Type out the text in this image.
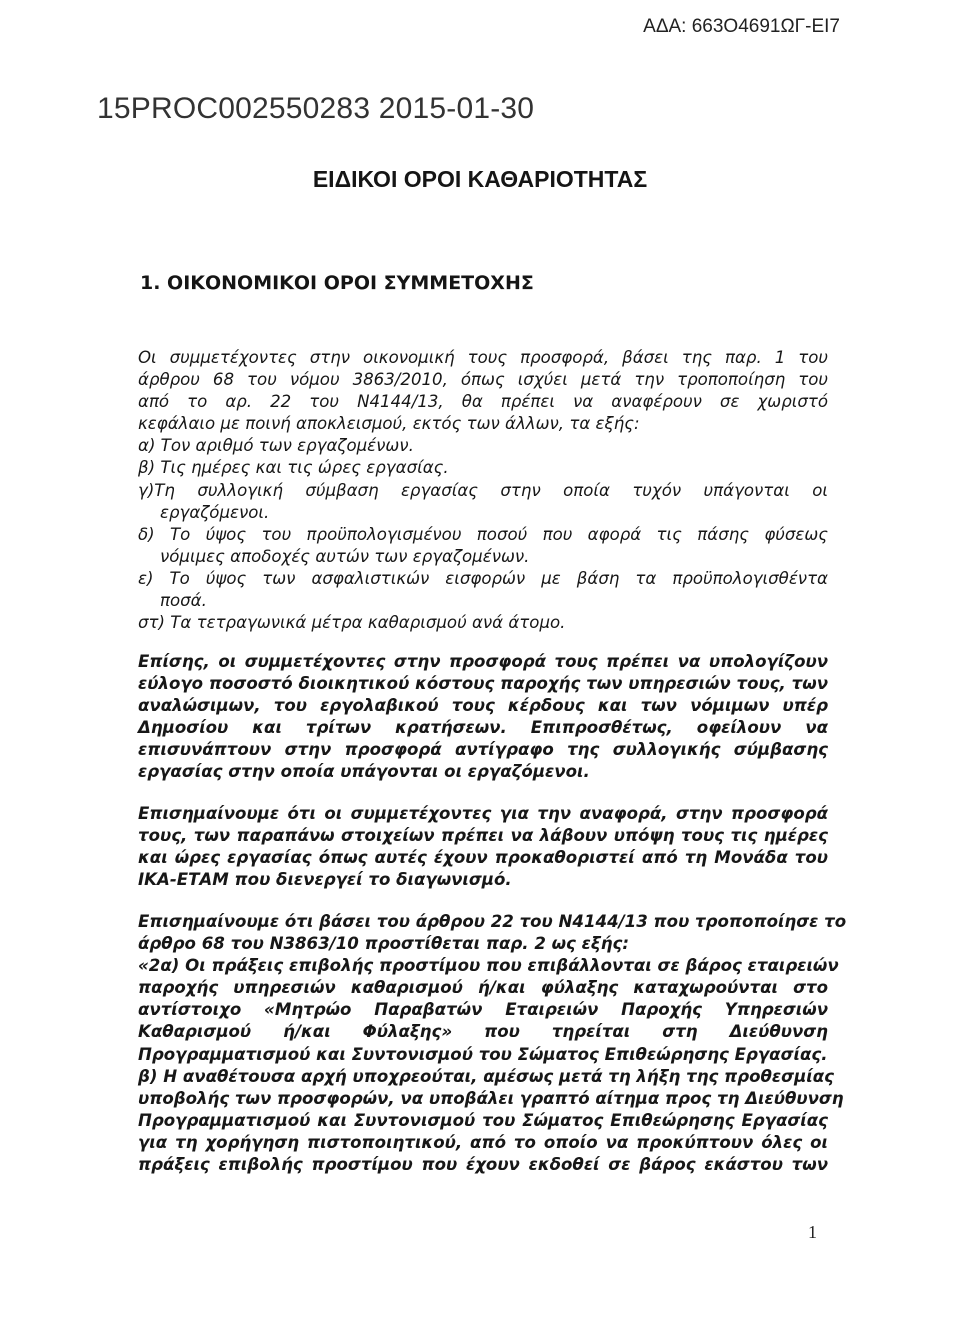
ΑΔΑ: 663Ο4691ΩΓ-ΕΙ7
15PROC002550283 2015-01-30
ΕΙΔΙΚΟΙ ΟΡΟΙ ΚΑΘΑΡΙΟΤΗΤΑΣ
1. ΟΙΚΟΝΟΜΙΚΟΙ ΟΡΟΙ ΣΥΜΜΕΤΟΧΗΣ
Οι συμμετέχοντες στην οικονομική τους προσφορά, βάσει της παρ. 1 του
άρθρου 68 του νόμου 3863/2010, όπως ισχύει μετά την τροποποίηση του
από το αρ. 22 του Ν4144/13, θα πρέπει να αναφέρουν σε χωριστό
κεφάλαιο με ποινή αποκλεισμού, εκτός των άλλων, τα εξής:
α) Τον αριθμό των εργαζομένων.
β) Τις ημέρες και τις ώρες εργασίας.
γ)Τη συλλογική σύμβαση εργασίας στην οποία τυχόν υπάγονται οι
εργαζόμενοι.
δ) Το ύψος του προϋπολογισμένου ποσού που αφορά τις πάσης φύσεως
νόμιμες αποδοχές αυτών των εργαζομένων.
ε) Το ύψος των ασφαλιστικών εισφορών με βάση τα προϋπολογισθέντα
ποσά.
στ) Τα τετραγωνικά μέτρα καθαρισμού ανά άτομο.
Επίσης, οι συμμετέχοντες στην προσφορά τους πρέπει να υπολογίζουν
εύλογο ποσοστό διοικητικού κόστους παροχής των υπηρεσιών τους, των
αναλώσιμων, του εργολαβικού τους κέρδους και των νόμιμων υπέρ
Δημοσίου και τρίτων κρατήσεων. Επιπροσθέτως, οφείλουν να
επισυνάπτουν στην προσφορά αντίγραφο της συλλογικής σύμβασης
εργασίας στην οποία υπάγονται οι εργαζόμενοι.
Επισημαίνουμε ότι οι συμμετέχοντες για την αναφορά, στην προσφορά
τους, των παραπάνω στοιχείων πρέπει να λάβουν υπόψη τους τις ημέρες
και ώρες εργασίας όπως αυτές έχουν προκαθοριστεί από τη Μονάδα του
ΙΚΑ-ΕΤΑΜ που διενεργεί το διαγωνισμό.
Επισημαίνουμε ότι βάσει του άρθρου 22 του Ν4144/13 που τροποποίησε το
άρθρο 68 του Ν3863/10 προστίθεται παρ. 2 ως εξής:
«2α) Οι πράξεις επιβολής προστίμου που επιβάλλονται σε βάρος εταιρειών
παροχής υπηρεσιών καθαρισμού ή/και φύλαξης καταχωρούνται στο
αντίστοιχο «Μητρώο Παραβατών Εταιρειών Παροχής Υπηρεσιών
Καθαρισμού ή/και Φύλαξης» που τηρείται στη Διεύθυνση
Προγραμματισμού και Συντονισμού του Σώματος Επιθεώρησης Εργασίας.
β) Η αναθέτουσα αρχή υποχρεούται, αμέσως μετά τη λήξη της προθεσμίας
υποβολής των προσφορών, να υποβάλει γραπτό αίτημα προς τη Διεύθυνση
Προγραμματισμού και Συντονισμού του Σώματος Επιθεώρησης Εργασίας
για τη χορήγηση πιστοποιητικού, από το οποίο να προκύπτουν όλες οι
πράξεις επιβολής προστίμου που έχουν εκδοθεί σε βάρος εκάστου των
1
